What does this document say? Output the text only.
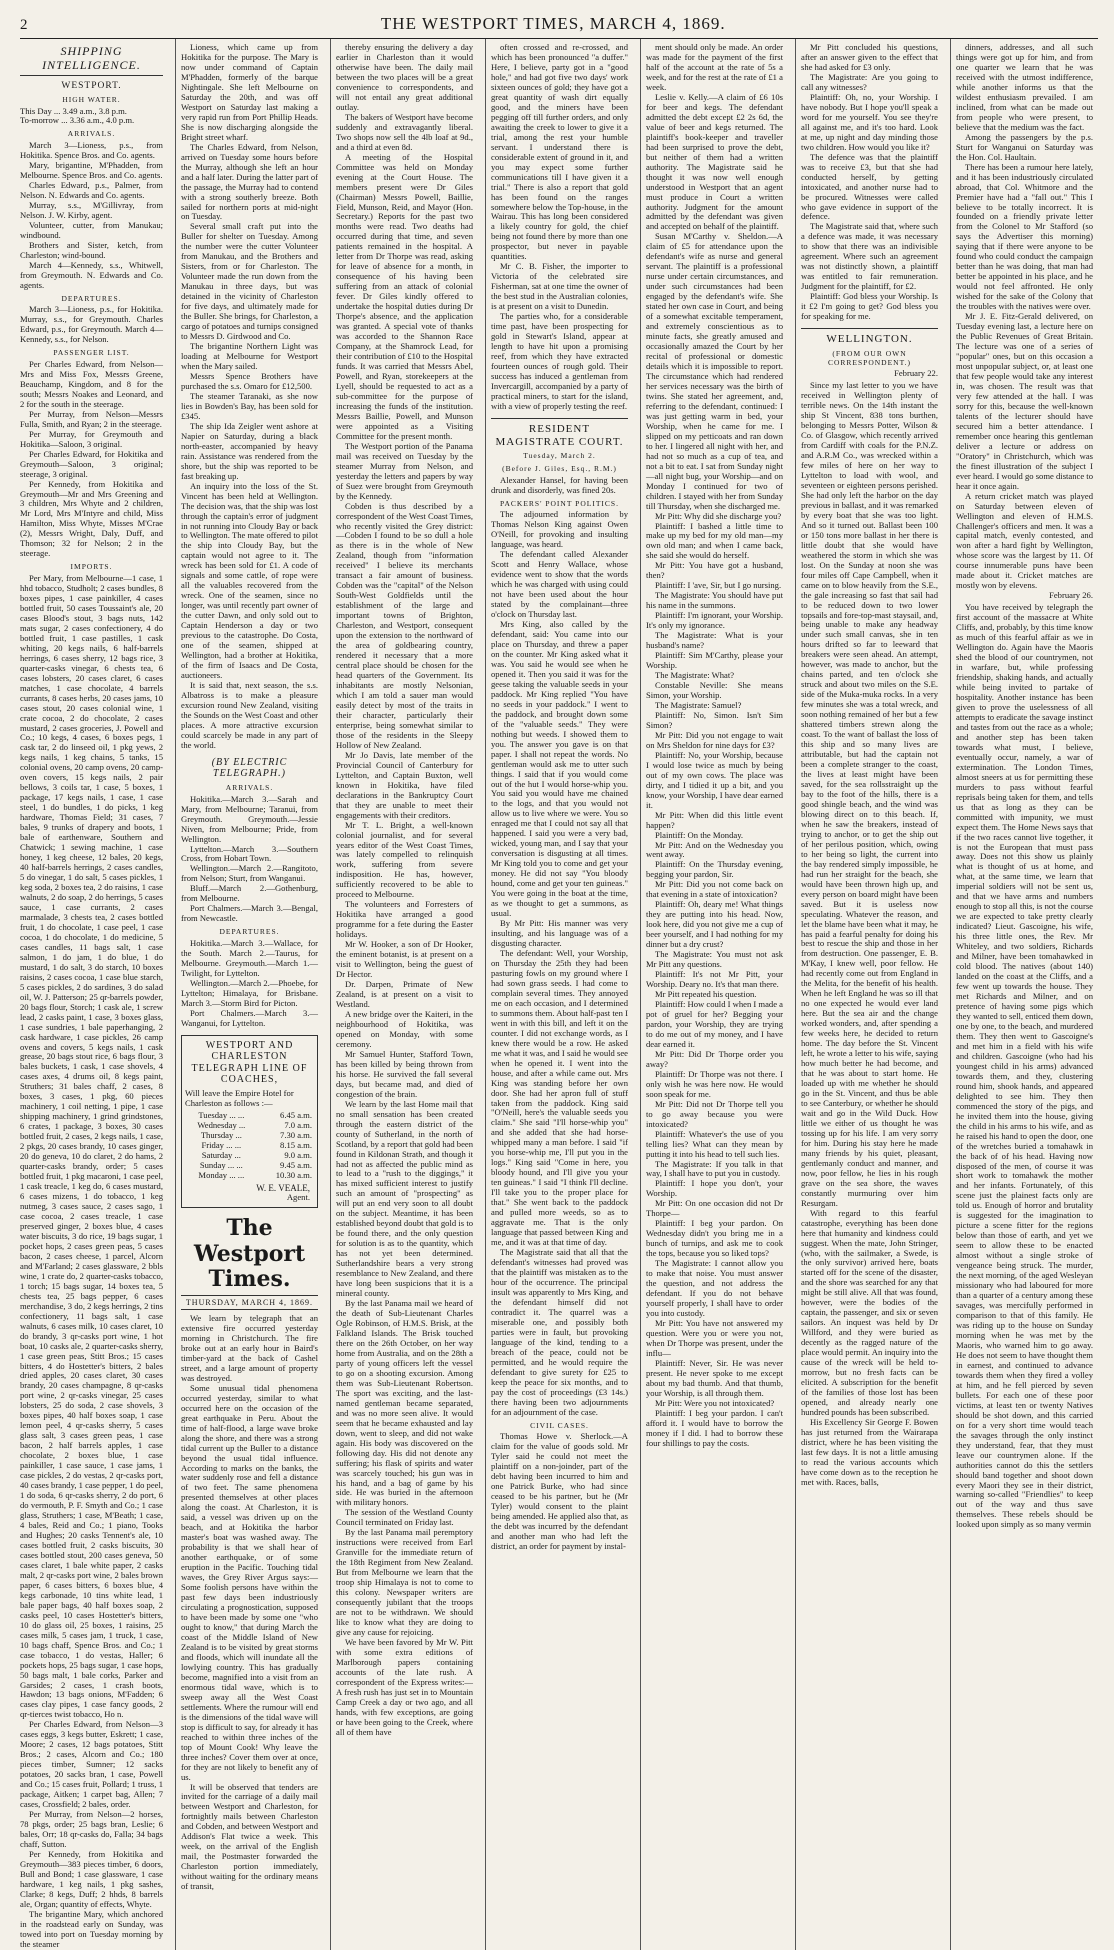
2	THE WESTPORT TIMES, MARCH 4, 1869.
SHIPPING INTELLIGENCE.
WESTPORT.
HIGH WATER.
This Day ... 3.49 a.m., 3.8 p.m.
To-morrow ... 3.36 a.m., 4.0 p.m.
ARRIVALS.

March 3—Lioness, p.s., from Hokitika. Spence Bros. and Co. agents.

Mary, brigantine, M'Phadden, from Melbourne. Spence Bros. and Co. agents.

Charles Edward, p.s., Palmer, from Nelson. N. Edwards and Co. agents.

Murray, s.s., M'Gillivray, from Nelson. J. W. Kirby, agent.

Volunteer, cutter, from Manukau; windbound.

Brothers and Sister, ketch, from Charleston; wind-bound.

March 4—Kennedy, s.s., Whitwell, from Greymouth. N. Edwards and Co. agents.

DEPARTURES.

March 3—Lioness, p.s., for Hokitika. Murray, s.s., for Greymouth. Charles Edward, p.s., for Greymouth. March 4—Kennedy, s.s., for Nelson.

PASSENGER LIST.

Per Charles Edward, from Nelson—Mrs and Miss Fox, Messrs Greene, Beauchamp, Kingdom, and 8 for the south; Messrs Noakes and Leonard, and 2 for the south in the steerage.

Per Murray, from Nelson—Messrs Fulla, Smith, and Ryan; 2 in the steerage.

Per Murray, for Greymouth and Hokitika—Saloon, 3 original.

Per Charles Edward, for Hokitika and Greymouth—Saloon, 3 original; steerage, 3 original.

Per Kennedy, from Hokitika and Greymouth—Mr and Mrs Greening and 3 children, Mrs Whyte and 2 children, Mr Lord, Mrs M'Intyre and child, Miss Hamilton, Miss Whyte, Misses M'Crae (2), Messrs Wright, Daly, Duff, and Thomson; 32 for Nelson; 2 in the steerage.

IMPORTS.

Per Mary, from Melbourne—1 case, 1 hhd tobacco, Studholt; 2 cases bundles, 8 boxes pipes, 1 case painkiller, 4 cases bottled fruit, 50 cases Toussaint's ale, 20 cases Blood's stout, 3 bags nuts, 142 mats sugar, 2 cases confectionery, 4 do bottled fruit, 1 case pastilles, 1 cask whiting, 20 kegs nails, 6 half-barrels herrings, 6 cases sherry, 12 bags rice, 3 quarter-casks vinegar, 6 chests tea, 6 cases lobsters, 20 cases claret, 6 cases matches, 1 case chocolate, 4 barrels currants, 8 cases herbs, 20 cases jams, 10 cases stout, 20 cases colonial wine, 1 crate cocoa, 2 do chocolate, 2 cases mustard, 2 cases groceries, J. Powell and Co.; 10 kegs, 4 cases, 6 boxes pegs, 1 cask tar, 2 do linseed oil, 1 pkg yews, 2 kegs nails, 1 keg chains, 5 tanks, 15 colonial ovens, 20 camp ovens, 20 camp-oven covers, 15 kegs nails, 2 pair bellows, 3 coils tar, 1 case, 5 boxes, 1 package, 17 kegs nails, 1 case, 1 case steel, 1 do bundles, 1 do picks, 1 keg hardware, Thomas Field; 31 cases, 7 bales, 9 trunks of drapery and boots, 1 bale of earthenware, Southern and Chatwick; 1 sewing machine, 1 case honey, 1 keg cheese, 12 bales, 20 kegs, 40 half-barrels herrings, 2 cases candles, 5 do vinegar, 1 do salt, 5 cases pickles, 1 keg soda, 2 boxes tea, 2 do raisins, 1 case walnuts, 2 do soap, 2 do herrings, 5 cases sauce, 1 case currants, 2 cases marmalade, 3 chests tea, 2 cases bottled fruit, 1 do chocolate, 1 case peel, 1 case cocoa, 1 do chocolate, 1 do medicine, 5 cases candles, 11 bags salt, 1 case salmon, 1 do jam, 1 do blue, 1 do mustard, 1 do salt, 3 do starch, 10 boxes raisins, 2 cases cocoa, 1 case blue starch, 5 cases pickles, 2 do sardines, 3 do salad oil, W. J. Patterson; 25 qr-barrels powder, 20 bags flour, Storch; 1 cask ale, 1 screw lead, 2 casks paint, 1 case, 3 boxes glass, 1 case sundries, 1 bale paperhanging, 2 cask hardware, 1 case pickles, 26 camp ovens and covers, 5 kegs nails, 1 cask grease, 20 bags stout rice, 6 bags flour, 3 bales buckets, 1 cask, 1 case shovels, 4 cases axes, 4 drums oil, 8 kegs paint, Struthers; 31 bales chaff, 2 cases, 8 boxes, 3 cases, 1 pkg, 60 pieces machinery, 1 coil netting, 1 pipe, 1 case shipping machinery, 1 grind grindstones, 6 crates, 1 package, 3 boxes, 30 cases bottled fruit, 2 cases, 2 kegs nails, 1 case, 2 pkgs, 20 cases brandy, 10 cases ginger, 20 do geneva, 10 do claret, 2 do hams, 2 quarter-casks brandy, order; 5 cases bottled fruit, 1 pkg macaroni, 1 case peel, 1 cask treacle, 1 keg do, 6 cases mustard, 6 cases mizens, 1 do tobacco, 1 keg nutmeg, 3 cases sauce, 2 cases sago, 1 case cocoa, 2 cases treacle, 1 case preserved ginger, 2 boxes blue, 4 cases water biscuits, 3 do rice, 19 bags sugar, 1 pocket hops, 2 cases green peas, 5 cases bacon, 2 cases cheese, 1 parcel, Alcorn and M'Farland; 2 cases glassware, 2 bbls wine, 1 crate do, 2 quarter-casks tobacco, 1 torch; 15 bags sugar, 14 boxes tea, 5 chests tea, 25 bags pepper, 6 cases merchandise, 3 do, 2 kegs herrings, 2 tins confectionery, 11 bags salt, 1 case walnuts, 6 cases milk, 10 cases claret, 10 do brandy, 3 qr-casks port wine, 1 hot boat, 10 casks ale, 2 quarter-casks sherry, 1 case green peas, Stitt Bros.; 15 cases bitters, 4 do Hostetter's bitters, 2 bales dried apples, 20 cases claret, 30 cases brandy, 20 cases champagne, 8 qr-casks port wine, 2 qr-casks vinegar, 25 cases lobsters, 25 do soda, 2 case shovels, 3 boxes pipes, 40 half boxes soap, 1 case lemon peel, 4 qr-casks sherry, 5 cases glass salt, 3 cases green peas, 1 case bacon, 2 half barrels apples, 1 case chocolate, 2 boxes blue, 1 case painkiller, 1 case sauce, 1 case jams, 1 case pickles, 2 do vestas, 2 qr-casks port, 40 cases brandy, 1 case pepper, 1 do peel, 1 do soda, 6 qr-casks sherry, 2 do port, 6 do vermouth, P. F. Smyth and Co.; 1 case glass, Struthers; 1 case, M'Beath; 1 case, 4 bales, Reid and Co.; 1 piano, Tooks and Hughes; 20 casks Tennent's ale, 10 cases bottled fruit, 2 casks biscuits, 30 cases bottled stout, 200 cases geneva, 50 cases claret, 1 bale white paper, 2 casks malt, 2 qr-casks port wine, 2 bales brown paper, 6 cases bitters, 6 boxes blue, 4 kegs carbonade, 10 tins white lead, 1 bale paper bags, 40 half boxes soap, 2 casks peel, 10 cases Hostetter's bitters, 10 do glass oil, 25 boxes, 1 raisins, 25 cases milk, 5 cases jam, 1 truck, 1 case, 10 bags chaff, Spence Bros. and Co.; 1 case tobacco, 1 do vestas, Haller; 6 pockets hops, 25 bags sugar, 1 case hops, 50 bags malt, 1 bale corks, Parker and Garsides; 2 cases, 1 crash boots, Hawdon; 13 bags onions, M'Fadden; 6 cases clay pipes, 1 case fancy goods, 2 qr-tierces twist tobacco, Ho n.

Per Charles Edward, from Nelson—3 cases eggs, 3 kegs butter, Eskrett; 1 case, Moore; 2 cases, 12 bags potatoes, Stitt Bros.; 2 cases, Alcorn and Co.; 180 pieces timber, Sumner; 12 sacks potatoes, 20 sacks bran, 1 case, Powell and Co.; 15 cases fruit, Pollard; 1 truss, 1 package, Aitken; 1 carpet bag, Allen; 7 cases, Crossfield; 2 bales, order.

Per Murray, from Nelson—2 horses, 78 pkgs, order; 25 bags bran, Leslie; 6 bales, Orr; 18 qr-casks do, Falla; 34 bags chaff, Sutton.

Per Kennedy, from Hokitika and Greymouth—383 pieces timber, 6 doors, Bull and Bond; 1 case glassware, 1 case hardware, 1 keg nails, 1 pkg sashes, Clarke; 8 kegs, Duff; 2 hhds, 8 barrels ale, Organ; quantity of effects, Whyte.

The brigantine Mary, which anchored in the roadstead early on Sunday, was towed into port on Tuesday morning by the steamer

Lioness, which came up from Hokitika for the purpose. The Mary is now under command of Captain M'Phadden, formerly of the barque Nightingale. She left Melbourne on Saturday the 20th, and was off Westport on Saturday last making a very rapid run from Port Phillip Heads. She is now discharging alongside the Bright street wharf.

The Charles Edward, from Nelson, arrived on Tuesday some hours before the Murray, although she left an hour and a half later. During the latter part of the passage, the Murray had to contend with a strong southerly breeze. Both sailed for northern ports at mid-night on Tuesday.

Several small craft put into the Buller for shelter on Tuesday. Among the number were the cutter Volunteer from Manukau, and the Brothers and Sisters, from or for Charleston. The Volunteer made the run down from the Manukau in three days, but was detained in the vicinity of Charleston for five days, and ultimately made for the Buller. She brings, for Charleston, a cargo of potatoes and turnips consigned to Messrs D. Girdwood and Co.

The brigantine Northern Light was loading at Melbourne for Westport when the Mary sailed.

Messrs Spence Brothers have purchased the s.s. Omaro for £12,500.

The steamer Taranaki, as she now lies in Bowden's Bay, has been sold for £345.

The ship Ida Zeigler went ashore at Napier on Saturday, during a black north-easter, accompanied by heavy rain. Assistance was rendered from the shore, but the ship was reported to be fast breaking up.

An inquiry into the loss of the St. Vincent has been held at Wellington. The decision was, that the ship was lost through the captain's error of judgment in not running into Cloudy Bay or back to Wellington. The mate offered to pilot the ship into Cloudy Bay, but the captain would not agree to it. The wreck has been sold for £1. A code of signals and some cattle, of rope were all the valuables recovered from the wreck. One of the seamen, since no longer, was until recently part owner of the cutter Dawn, and only sold out to Captain Henderson a day or two previous to the catastrophe. Do Costa, one of the seamen, shipped at Wellington, had a brother at Hokitika, of the firm of Isaacs and De Costa, auctioneers.

It is said that, next season, the s.s. Albatross is to make a pleasure excursion round New Zealand, visiting the Sounds on the West Coast and other places. A more attractive excursion could scarcely be made in any part of the world.

(BY ELECTRIC TELEGRAPH.)
ARRIVALS.

Hokitika.—March 3.—Sarah and Mary, from Melbourne; Taranui, from Greymouth. Greymouth.—Jessie Niven, from Melbourne; Pride, from Wellington.

Lyttelton.—March 3.—Southern Cross, from Hobart Town.

Wellington.—March 2.—Rangitoto, from Nelson; Sturt, from Wanganui.

Bluff.—March 2.—Gothenburg, from Melbourne.

Port Chalmers.—March 3.—Bengal, from Newcastle.

DEPARTURES.

Hokitika.—March 3.—Wallace, for the South. March 2.—Taurus, for Melbourne. Greymouth.—March 1.—Twilight, for Lyttelton.

Wellington.—March 2.—Phoebe, for Lyttelton; Himalaya, for Brisbane. March 3.—Storm Bird for Picton.

Port Chalmers.—March 3.—Wanganui, for Lyttelton.

WESTPORT AND CHARLESTON
TELEGRAPH LINE OF
COACHES,
Will leave the Empire Hotel for Charleston as follows :—
Tuesday ... ...	6.45 a.m.
Wednesday ...	7.0 a.m.
Thursday ...	7.30 a.m.
Friday ... ...	8.15 a.m.
Saturday ...	9.0 a.m.
Sunday ... ...	9.45 a.m.
Monday ... ...	10.30 a.m.
W. E. VEALE,
Agent.
The Westport Times.
THURSDAY, MARCH 4, 1869.

We learn by telegraph that an extensive fire occurred yesterday morning in Christchurch. The fire broke out at an early hour in Baird's timber-yard at the back of Cashel street, and a large amount of property was destroyed.

Some unusual tidal phenomena occurred yesterday, similar to what occurred here on the occasion of the great earthquake in Peru. About the time of half-flood, a large wave broke along the shore, and there was a strong tidal current up the Buller to a distance beyond the usual tidal influence. According to marks on the banks, the water suddenly rose and fell a distance of two feet. The same phenomena presented themselves at other places along the coast. At Charleston, it is said, a vessel was driven up on the beach, and at Hokitika the harbor master's boat was washed away. The probability is that we shall hear of another earthquake, or of some eruption in the Pacific. Touching tidal waves, the Grey River Argus says:—Some foolish persons have within the past few days been industriously circulating a prognostication, supposed to have been made by some one "who ought to know," that during March the coast of the Middle Island of New Zealand is to be visited by great storms and floods, which will inundate all the lowlying country. This has gradually become, magnified into a visit from an enormous tidal wave, which is to sweep away all the West Coast settlements. Where the rumour will end is the dimensions of the tidal wave will stop is difficult to say, for already it has reached to within three inches of the top of Mount Cook! Why leave the three inches? Cover them over at once, for they are not likely to benefit any of us.

It will be observed that tenders are invited for the carriage of a daily mail between Westport and Charleston, for fortnightly mails between Charleston and Cobden, and between Westport and Addison's Flat twice a week. This week, on the arrival of the English mail, the Postmaster forwarded the Charleston portion immediately, without waiting for the ordinary means of transit,

thereby ensuring the delivery a day earlier in Charleston than it would otherwise have been. The daily mail between the two places will be a great convenience to correspondents, and will not entail any great additional outlay.

The bakers of Westport have become suddenly and extravagantly liberal. Two shops now sell the 4lb loaf at 9d., and a third at even 8d.

A meeting of the Hospital Committee was held on Monday evening at the Court House. The members present were Dr Giles (Chairman) Messrs Powell, Baillie, Field, Munson, Reid, and Mayor (Hon. Secretary.) Reports for the past two months were read. Two deaths had occurred during that time, and seven patients remained in the hospital. A letter from Dr Thorpe was read, asking for leave of absence for a month, in consequence of his having been suffering from an attack of colonial fever. Dr Giles kindly offered to undertake the hospital duties during Dr Thorpe's absence, and the application was granted. A special vote of thanks was accorded to the Shannon Race Company, at the Shamrock Lead, for their contribution of £10 to the Hospital funds. It was carried that Messrs Abel, Powell, and Ryan, storekeepers at the Lyell, should be requested to act as a sub-committee for the purpose of increasing the funds of the institution. Messrs Baillie, Powell, and Munson were appointed as a Visiting Committee for the present month.

The Westport portion of the Panama mail was received on Tuesday by the steamer Murray from Nelson, and yesterday the letters and papers by way of Suez were brought from Greymouth by the Kennedy.

Cobden is thus described by a correspondent of the West Coast Times, who recently visited the Grey district:—Cobden I found to be so dull a hole as there is in the whole of New Zealand, though from "information received" I believe its merchants transact a fair amount of business. Cobden was the "capital" of the Nelson South-West Goldfields until the establishment of the large and important towns of Brighton, Charleston, and Westport, consequent upon the extension to the northward of the area of goldbearing country, rendered it necessary that a more central place should be chosen for the head quarters of the Government. Its inhabitants are mostly Nelsonian, which I am told a sauer man would easily detect by most of the traits in their character, particularly their enterprise, being somewhat similar to those of the residents in the Sleepy Hollow of New Zealand.

Mr Jo Davis, late member of the Provincial Council of Canterbury for Lyttelton, and Captain Buxton, well known in Hokitika, have filed declarations in the Bankruptcy Court that they are unable to meet their engagements with their creditors.

Mr T. L. Bright, a well-known colonial journalist, and for several years editor of the West Coast Times, was lately compelled to relinquish work, suffering from severe indisposition. He has, however, sufficiently recovered to be able to proceed to Melbourne.

The volunteers and Forresters of Hokitika have arranged a good programme for a fete during the Easter holidays.

Mr W. Hooker, a son of Dr Hooker, the eminent botanist, is at present on a visit to Wellington, being the guest of Dr Hector.

Dr. Darpen, Primate of New Zealand, is at present on a visit to Westland.

A new bridge over the Kaiteri, in the neighbourhood of Hokitika, was opened on Monday, with some ceremony.

Mr Samuel Hunter, Stafford Town, has been killed by being thrown from his horse. He survived the fall several days, but became mad, and died of congestion of the brain.

We learn by the last Home mail that no small sensation has been created through the eastern district of the county of Sutherland, in the north of Scotland, by a report that gold had been found in Kildonan Strath, and though it had not as affected the public mind as to lead to a "rush to the diggings," it has mixed sufficient interest to justify such an amount of "prospecting" as will put an end very soon to all doubt on the subject. Meantime, it has been established beyond doubt that gold is to be found there, and the only question for solution is as to the quantity, which has not yet been determined. Sutherlandshire bears a very strong resemblance to New Zealand, and there have long been suspicions that it is a mineral county.

By the last Panama mail we heard of the death of Sub-Lieutenant Charles Ogle Robinson, of H.M.S. Brisk, at the Falkland Islands. The Brisk touched there on the 26th October, on her way home from Australia, and on the 28th a party of young officers left the vessel to go on a shooting excursion. Among them was Sub-Lieutenant Robertson. The sport was exciting, and the last-named gentleman became separated, and was no more seen alive. It would seem that he became exhausted and lay down, went to sleep, and did not wake again. His body was discovered on the following day. His did not denote any suffering; his flask of spirits and water was scarcely touched; his gun was in his hand, and a bag of game by his side. He was buried in the afternoon with military honors.

The session of the Westland County Council terminated on Friday last.

By the last Panama mail peremptory instructions were received from Earl Granville for the immediate return of the 18th Regiment from New Zealand. But from Melbourne we learn that the troop ship Himalaya is not to come to this colony. Newspaper writers are consequently jubilant that the troops are not to be withdrawn. We should like to know what they are doing to give any cause for rejoicing.

We have been favored by Mr W. Pitt with some extra editions of Marlborough papers containing accounts of the late rush. A correspondent of the Express writes:—A fresh rush has just set in to Mountain Camp Creek a day or two ago, and all hands, with few exceptions, are going or have been going to the Creek, where all of them have

often crossed and re-crossed, and which has been pronounced "a duffer." Here, I believe, party got in a "good hole," and had got five two days' work sixteen ounces of gold; they have got a great quantity of wash dirt equally good, and the miners have been pegging off till further orders, and only awaiting the creek to lower to give it a trial, among the rest your humble servant. I understand there is considerable extent of ground in it, and you may expect some further communications till I have given it a trial." There is also a report that gold has been found on the ranges somewhere below the Top-house, in the Wairau. This has long been considered a likely country for gold, the chief being not found there by more than one prospector, but never in payable quantities.

Mr C. B. Fisher, the importer to Victoria of the celebrated sire Fisherman, sat at one time the owner of the best stud in the Australian colonies, is at present on a visit to Dunedin.

The parties who, for a considerable time past, have been prospecting for gold in Stewart's Island, appear at length to have hit upon a promising reef, from which they have extracted fourteen ounces of rough gold. Their success has induced a gentleman from Invercargill, accompanied by a party of practical miners, to start for the island, with a view of properly testing the reef.

RESIDENT MAGISTRATE COURT.
Tuesday, March 2.
(Before J. Giles, Esq., R.M.)

Alexander Hansel, for having been drunk and disorderly, was fined 20s.

PACKERS' POINT POLITICS.

The adjourned information by Thomas Nelson King against Owen O'Neill, for provoking and insulting language, was heard.

The defendant called Alexander Scott and Henry Wallace, whose evidence went to show that the words which he was charged with using could not have been used about the hour stated by the complainant—three o'clock on Thursday last.

Mrs King, also called by the defendant, said: You came into our place on Thursday, and threw a paper on the counter. Mr King asked what it was. You said he would see when he opened it. Then you said it was for the geese taking the valuable seeds in your paddock. Mr King replied "You have no seeds in your paddock." I went to the paddock, and brought down some of the "valuable seeds." They were nothing but weeds. I showed them to you. The answer you gave is on that paper. I shall not repeat the words. No gentleman would ask me to utter such things. I said that if you would come out of the hut I would horse-whip you. You said you would have me chained to the logs, and that you would not allow us to live where we were. You so enraged me that I could not say all that happened. I said you were a very bad, wicked, young man, and I say that your conversation is disgusting at all times. Mr King told you to come and get your money. He did not say "You bloody hound, come and get your ten guineas." You were going in the boat at the time, as we thought to get a summons, as usual.

By Mr Pitt: His manner was very insulting, and his language was of a disgusting character.

The defendant: Well, your Worship, on Thursday the 25th they had been pasturing fowls on my ground where I had sown grass seeds. I had come to complain several times. They annoyed me on each occasion, and I determined to summons them. About half-past ten I went in with this bill, and left it on the counter. I did not exchange words, as I knew there would be a row. He asked me what it was, and I said he would see when he opened it. I went into the house, and after a while came out. Mrs King was standing before her own door. She had her apron full of stuff taken from the paddock. King said "O'Neill, here's the valuable seeds you claim." She said "I'll horse-whip you" and she added that she had horse-whipped many a man before. I said "if you horse-whip me, I'll put you in the logs." King said "Come in here, you bloody hound, and I'll give you your ten guineas." I said "I think I'll decline. I'll take you to the proper place for that." She went back to the paddock and pulled more weeds, so as to aggravate me. That is the only language that passed between King and me, and it was at that time of day.

The Magistrate said that all that the defendant's witnesses had proved was that the plaintiff was mistaken as to the hour of the occurrence. The principal insult was apparently to Mrs King, and the defendant himself did not contradict it. The quarrel was a miserable one, and possibly both parties were in fault, but provoking language of the kind, tending to a breach of the peace, could not be permitted, and he would require the defendant to give surety for £25 to keep the peace for six months, and to pay the cost of proceedings (£3 14s.) there having been two adjournments for an adjournment of the case.

CIVIL CASES.

Thomas Howe v. Sherlock.—A claim for the value of goods sold. Mr Tyler said he could not meet the plaintiff on a non-joinder, part of the debt having been incurred to him and one Patrick Burke, who had since ceased to be his partner, but he (Mr Tyler) would consent to the plaint being amended. He applied also that, as the debt was incurred by the defendant and another man who had left the district, an order for payment by instal-

ment should only be made. An order was made for the payment of the first half of the account at the rate of 5s a week, and for the rest at the rate of £1 a week.

Leslie v. Kelly.—A claim of £6 10s for beer and kegs. The defendant admitted the debt except £2 2s 6d, the value of beer and kegs returned. The plaintiff's book-keeper and traveller had been surprised to prove the debt, but neither of them had a written authority. The Magistrate said he thought it was now well enough understood in Westport that an agent must produce in Court a written authority. Judgment for the amount admitted by the defendant was given and accepted on behalf of the plaintiff.

Susan M'Carthy v. Sheldon.—A claim of £5 for attendance upon the defendant's wife as nurse and general servant. The plaintiff is a professional nurse under certain circumstances, and under such circumstances had been engaged by the defendant's wife. She stated her own case in Court, and being of a somewhat excitable temperament, and extremely conscientious as to minute facts, she greatly amused and occasionally amazed the Court by her recital of professional or domestic details which it is impossible to report. The circumstance which had rendered her services necessary was the birth of twins. She stated her agreement, and, referring to the defendant, continued: I was just getting warm in bed, your Worship, when he came for me. I slipped on my petticoats and ran down to her. I lingered all night with her, and had not so much as a cup of tea, and not a bit to eat. I sat from Sunday night—all night bug, your Worship—and on Monday I continued for two of children. I stayed with her from Sunday till Thursday, when she discharged me.

Mr Pitt: Why did she discharge you?

Plaintiff: I bashed a little time to make up my bed for my old man—my own old man; and when I came back, she said she would do herself.

Mr Pitt: You have got a husband, then?

Plaintiff: I 'ave, Sir, but I go nursing.

The Magistrate: You should have put his name in the summons.

Plaintiff: I'm ignorant, your Worship. It's only my ignorance.

The Magistrate: What is your husband's name?

Plaintiff: Sim M'Carthy, please your Worship.

The Magistrate: What?

Constable Neville: She means Simon, your Worship.

The Magistrate: Samuel?

Plaintiff: No, Simon. Isn't Sim Simon?

Mr Pitt: Did you not engage to wait on Mrs Sheldon for nine days for £3?

Plaintiff: No, your Worship, because I would lose twice as much by being out of my own cows. The place was dirty, and I tidied it up a bit, and you know, your Worship, I have dear earned it.

Mr Pitt: When did this little event happen?

Plaintiff: On the Monday.

Mr Pitt: And on the Wednesday you went away.

Plaintiff: On the Thursday evening, begging your pardon, Sir.

Mr Pitt: Did you not come back on that evening in a state of intoxication?

Plaintiff: Oh, deary me! What things they are putting into his head. Now, look here, did you not give me a cup of beer yourself, and I had nothing for my dinner but a dry crust?

The Magistrate: You must not ask Mr Pitt any questions.

Plaintiff: It's not Mr Pitt, your Worship. Deary no. It's that man there.

Mr Pitt repeated his question.

Plaintiff: How could I when I made a pot of gruel for her? Begging your pardon, your Worship, they are trying to do me out of my money, and I have dear earned it.

Mr Pitt: Did Dr Thorpe order you away?

Plaintiff: Dr Thorpe was not there. I only wish he was here now. He would soon speak for me.

Mr Pitt: Did not Dr Thorpe tell you to go away because you were intoxicated?

Plaintiff: Whatever's the use of you telling lies? What can they mean by putting it into his head to tell such lies.

The Magistrate: If you talk in that way, I shall have to put you in custody.

Plaintiff: I hope you don't, your Worship.

Mr Pitt: On one occasion did not Dr Thorpe—

Plaintiff: I beg your pardon. On Wednesday didn't you bring me in a bunch of turnips, and ask me to cook the tops, because you so liked tops?

The Magistrate: I cannot allow you to make that noise. You must answer the question, and not address the defendant. If you do not behave yourself properly, I shall have to order you into custody.

Mr Pitt: You have not answered my question. Were you or were you not, when Dr Thorpe was present, under the influ—

Plaintiff: Never, Sir. He was never present. He never spoke to me except about my bad thumb. And that thumb, your Worship, is all through them.

Mr Pitt: Were you not intoxicated?

Plaintiff: I beg your pardon. I can't afford it. I would have to borrow the money if I did. I had to borrow these four shillings to pay the costs.

Mr Pitt concluded his questions, after an answer given to the effect that she had asked for £3 only.

The Magistrate: Are you going to call any witnesses?

Plaintiff: Oh, no, your Worship. I have nobody. But I hope you'll speak a word for me yourself. You see they're all against me, and it's too hard. Look at me, up night and day minding those two children. How would you like it?

The defence was that the plaintiff was to receive £3, but that she had conducted herself, by getting intoxicated, and another nurse had to be procured. Witnesses were called who gave evidence in support of the defence.

The Magistrate said that, where such a defence was made, it was necessary to show that there was an indivisible agreement. Where such an agreement was not distinctly shown, a plaintiff was entitled to fair remuneration. Judgment for the plaintiff, for £2.

Plaintiff: God bless your Worship. Is it £2 I'm going to get? God bless you for speaking for me.

WELLINGTON.
(FROM OUR OWN CORRESPONDENT.)
February 22.

Since my last letter to you we have received in Wellington plenty of terrible news. On the 14th instant the ship St Vincent, 838 tons burthen, belonging to Messrs Potter, Wilson & Co. of Glasgow, which recently arrived from Cardiff with coals for the P.N.Z. and A.R.M Co., was wrecked within a few miles of here on her way to Lyttelton to load with wool, and seventeen or eighteen persons perished. She had only left the harbor on the day previous in ballast, and it was remarked by every boat that she was too light. And so it turned out. Ballast been 100 or 150 tons more ballast in her there is little doubt that she would have weathered the storm in which she was lost. On the Sunday at noon she was four miles off Cape Campbell, when it came on to blow heavily from the S.E., the gale increasing so fast that sail had to be reduced down to two lower topsails and fore-top-mast staysail, and, being unable to make any headway under such small canvas, she in ten hours drifted so far to leeward that breakers were seen ahead. An attempt, however, was made to anchor, but the chains parted, and ten o'clock she struck and about two miles on the S.E. side of the Muka-muka rocks. In a very few minutes she was a total wreck, and soon nothing remained of her but a few shattered timbers strewn along the coast. To the want of ballast the loss of this ship and so many lives are attributable, but had the captain not been a complete stranger to the coast, the lives at least might have been saved, for the sea rollsstraight up the bay to the foot of the hills, there is a good shingle beach, and the wind was blowing direct on to this beach. If, when he saw the breakers, instead of trying to anchor, or to get the ship out of her perilous position, which, owing to her being so light, the current into the bay rendered simply impossible, he had run her straight for the beach, she would have been thrown high up, and every person on board might have been saved. But it is useless now speculating. Whatever the reason, and let the blame have been what it may, he has paid a fearful penalty for doing his best to rescue the ship and those in her from destruction. One passenger, E. B. M'Kay, I knew well, poor fellow. He had recently come out from England in the Melita, for the benefit of his health. When he left England he was so ill that no one expected he would ever land here. But the sea air and the change worked wonders, and, after spending a few weeks here, he decided to return home. The day before the St. Vincent left, he wrote a letter to his wife, saying how much better he had become, and that he was about to start home. He loaded up with me whether he should go in the St. Vincent, and thus be able to see Canterbury, or whether he should wait and go in the Wild Duck. How little we either of us thought he was tossing up for his life. I am very sorry for him. During his stay here he made many friends by his quiet, pleasant, gentlemanly conduct and manner, and now, poor fellow, he lies in his rough grave on the sea shore, the waves constantly murmuring over him Resurgam.

With regard to this fearful catastrophe, everything has been done here that humanity and kindness could suggest. When the mate, John Stringer, (who, with the sailmaker, a Swede, is the only survivor) arrived here, boats started off for the scene of the disaster, and the shore was searched for any that might be still alive. All that was found, however, were the bodies of the captain, the passenger, and six or seven sailors. An inquest was held by Dr Willford, and they were buried as decently as the ragged nature of the place would permit. An inquiry into the cause of the wreck will be held to-morrow, but no fresh facts can be elicited. A subscription for the benefit of the families of those lost has been opened, and already nearly one hundred pounds has been subscribed.

His Excellency Sir George F. Bowen has just returned from the Wairarapa district, where he has been visiting the last few days. It is not a little amusing to read the various accounts which have come down as to the reception he met with. Races, balls,

dinners, addresses, and all such things were got up for him, and from one quarter we learn that he was received with the utmost indifference, while another informs us that the wildest enthusiasm prevailed. I am inclined, from what can be made out from people who were present, to believe that the medium was the fact.

Among the passengers by the p.s. Sturt for Wanganui on Saturday was the Hon. Col. Haultain.

There has been a rumour here lately, and it has been industriously circulated abroad, that Col. Whitmore and the Premier have had a "fall out." This I believe to be totally incorrect. It is founded on a friendly private letter from the Colonel to Mr Stafford (so says the Advertiser this morning) saying that if there were anyone to be found who could conduct the campaign better than he was doing, that man had better be appointed in his place, and he would not feel affronted. He only wished for the sake of the Colony that the troubles with the natives were over.

Mr J. E. Fitz-Gerald delivered, on Tuesday evening last, a lecture here on the Public Revenues of Great Britain. The lecture was one of a series of "popular" ones, but on this occasion a most unpopular subject, or, at least one that few people would take any interest in, was chosen. The result was that very few attended at the hall. I was sorry for this, because the well-known talents of the lecturer should have secured him a better attendance. I remember once hearing this gentleman deliver a lecture or address on "Oratory" in Christchurch, which was the finest illustration of the subject I ever heard. I would go some distance to hear it once again.

A return cricket match was played on Saturday between eleven of Wellington and eleven of H.M.S. Challenger's officers and men. It was a capital match, evenly contested, and won after a hard fight by Wellington, whose score was the largest by 11. Of course innumerable puns have been made about it. Cricket matches are mostly won by elevens.

February 26.

You have received by telegraph the first account of the massacre at White Cliffs, and, probably, by this time know as much of this fearful affair as we in Wellington do. Again have the Maoris shed the blood of our countrymen, not in warfare, but, while professing friendship, shaking hands, and actually while being invited to partake of hospitality. Another instance has been given to prove the uselessness of all attempts to eradicate the savage instinct and tastes from out the race as a whole; and another step has been taken towards what must, I believe, eventually occur, namely, a war of extermination. The London Times, almost sneers at us for permitting these murders to pass without fearful reprisals being taken for them, and tells us that as long as they can be committed with impunity, we must expect them. The Home News says that if the two races cannot live together, it is not the European that must pass away. Does not this show us plainly what is thought of us at home, and what, at the same time, we learn that imperial soldiers will not be sent us, and that we have arms and numbers enough to stop all this, is not the course we are expected to take pretty clearly indicated? Lieut. Gascoigne, his wife, his three little ones, the Rev. Mr Whiteley, and two soldiers, Richards and Milner, have been tomahawked in cold blood. The natives (about 140) landed on the coast at the Cliffs, and a few went up towards the house. They met Richards and Milner, and on pretence of having some pigs which they wanted to sell, enticed them down, one by one, to the beach, and murdered them. They then went to Gascoigne's and met him in a field with his wife and children. Gascoigne (who had his youngest child in his arms) advanced towards them, and they, clustering round him, shook hands, and appeared delighted to see him. They then commenced the story of the pigs, and he invited them into the house, giving the child in his arms to his wife, and as he raised his hand to open the door, one of the wretches buried a tomahawk in the back of of his head. Having now disposed of the men, of course it was short work to tomahawk the mother and her infants. Fortunately, of this scene just the plainest facts only are told us. Enough of horror and brutality is suggested for the imagination to picture a scene fitter for the regions below than those of earth, and yet we seem to allow these to be enacted almost without a single stroke of vengeance being struck. The murder, the next morning, of the aged Wesleyan missionary who had laboured for more than a quarter of a century among these savages, was mercifully performed in comparison to that of this family. He was riding up to the house on Sunday morning when he was met by the Maoris, who warned him to go away. He does not seem to have thought them in earnest, and continued to advance towards them when they fired a volley at him, and he fell pierced by seven bullets. For each one of these poor victims, at least ten or twenty Natives should be shot down, and this carried on for a very short time would teach the savages through the only instinct they understand, fear, that they must leave our countrymen alone. If the authorities cannot do this the settlers should band together and shoot down every Maori they see in their district, warning so-called "Friendlies" to keep out of the way and thus save themselves. These rebels should be looked upon simply as so many vermin
